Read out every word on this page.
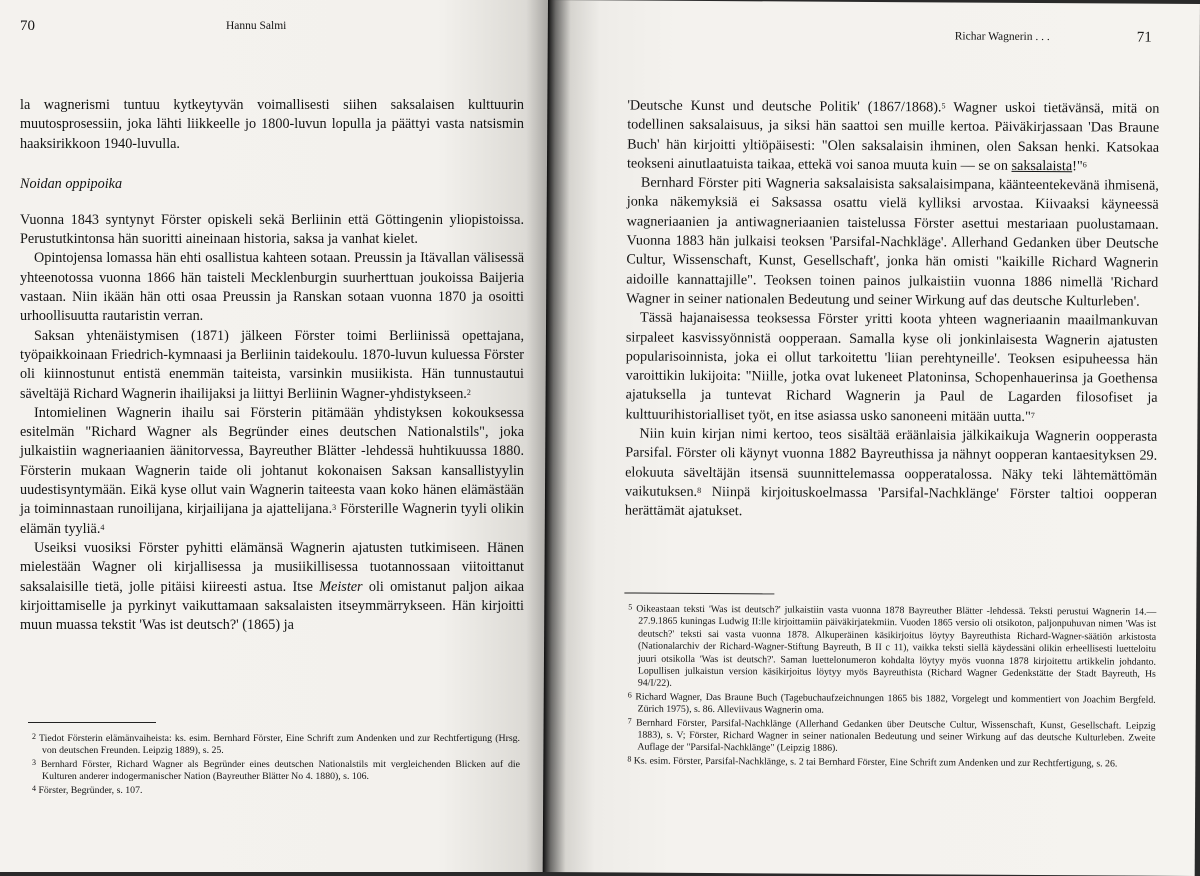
70	Hannu Salmi

la wagnerismi tuntuu kytkeytyvän voimallisesti siihen saksalaisen kulttuurin muutosprosessiin, joka lähti liikkeelle jo 1800-luvun lopulla ja päättyi vasta natsismin haaksirikkoon 1940-luvulla.

Noidan oppipoika

Vuonna 1843 syntynyt Förster opiskeli sekä Berliinin että Göttingenin yliopistoissa. Perustutkintonsa hän suoritti aineinaan historia, saksa ja vanhat kielet.

Opintojensa lomassa hän ehti osallistua kahteen sotaan. Preussin ja Itävallan välisessä yhteenotossa vuonna 1866 hän taisteli Mecklenburgin suurherttuan joukoissa Baijeria vastaan. Niin ikään hän otti osaa Preussin ja Ranskan sotaan vuonna 1870 ja osoitti urhoollisuutta rautaristin verran.

Saksan yhtenäistymisen (1871) jälkeen Förster toimi Berliinissä opettajana, työpaikkoinaan Friedrich-kymnaasi ja Berliinin taidekoulu. 1870-luvun kuluessa Förster oli kiinnostunut entistä enemmän taiteista, varsinkin musiikista. Hän tunnustautui säveltäjä Richard Wagnerin ihailijaksi ja liittyi Berliinin Wagner-yhdistykseen.$^2$

Intomielinen Wagnerin ihailu sai Försterin pitämään yhdistyksen kokouksessa esitelmän "Richard Wagner als Begründer eines deutschen Nationalstils", joka julkaistiin wagneriaanien äänitorvessa, Bayreuther Blätter -lehdessä huhtikuussa 1880. Försterin mukaan Wagnerin taide oli johtanut kokonaisen Saksan kansallistyylin uudestisyntymään. Eikä kyse ollut vain Wagnerin taiteesta vaan koko hänen elämästään ja toiminnastaan runoilijana, kirjailijana ja ajattelijana.$^3$ Försterille Wagnerin tyyli olikin elämän tyyliä.$^4$

Useiksi vuosiksi Förster pyhitti elämänsä Wagnerin ajatusten tutkimiseen. Hänen mielestään Wagner oli kirjallisessa ja musiikillisessa tuotannossaan viitoittanut saksalaisille tietä, jolle pitäisi kiireesti astua. Itse Meister oli omistanut paljon aikaa kirjoittamiselle ja pyrkinyt vaikuttamaan saksalaisten itseymmärrykseen. Hän kirjoitti muun muassa tekstit 'Was ist deutsch?' (1865) ja

$^2$ Tiedot Försterin elämänvaiheista: ks. esim. Bernhard Förster, Eine Schrift zum Andenken und zur Rechtfertigung (Hrsg. von deutschen Freunden. Leipzig 1889), s. 25.

$^3$ Bernhard Förster, Richard Wagner als Begründer eines deutschen Nationalstils mit vergleichenden Blicken auf die Kulturen anderer indogermanischer Nation (Bayreuther Blätter No 4. 1880), s. 106.

$^4$ Förster, Begründer, s. 107.

Richar Wagnerin . . .	71

'Deutsche Kunst und deutsche Politik' (1867/1868).$^5$ Wagner uskoi tietävänsä, mitä on todellinen saksalaisuus, ja siksi hän saattoi sen muille kertoa. Päiväkirjassaan 'Das Braune Buch' hän kirjoitti yltiöpäisesti: "Olen saksalaisin ihminen, olen Saksan henki. Katsokaa teokseni ainutlaatuista taikaa, ettekä voi sanoa muuta kuin — se on saksalaista!"$^6$

Bernhard Förster piti Wagneria saksalaisista saksalaisimpana, käänteentekevänä ihmisenä, jonka näkemyksiä ei Saksassa osattu vielä kylliksi arvostaa. Kiivaaksi käyneessä wagneriaanien ja antiwagneriaanien taistelussa Förster asettui mestariaan puolustamaan. Vuonna 1883 hän julkaisi teoksen 'Parsifal-Nachkläge'. Allerhand Gedanken über Deutsche Cultur, Wissenschaft, Kunst, Gesellschaft', jonka hän omisti "kaikille Richard Wagnerin aidoille kannattajille". Teoksen toinen painos julkaistiin vuonna 1886 nimellä 'Richard Wagner in seiner nationalen Bedeutung und seiner Wirkung auf das deutsche Kulturleben'.

Tässä hajanaisessa teoksessa Förster yritti koota yhteen wagneriaanin maailmankuvan sirpaleet kasvissyönnistä oopperaan. Samalla kyse oli jonkinlaisesta Wagnerin ajatusten popularisoinnista, joka ei ollut tarkoitettu 'liian perehtyneille'. Teoksen esipuheessa hän varoittikin lukijoita: "Niille, jotka ovat lukeneet Platoninsa, Schopenhauerinsa ja Goethensa ajatuksella ja tuntevat Richard Wagnerin ja Paul de Lagarden filosofiset ja kulttuurihistorialliset työt, en itse asiassa usko sanoneeni mitään uutta."$^7$

Niin kuin kirjan nimi kertoo, teos sisältää eräänlaisia jälkikaikuja Wagnerin oopperasta Parsifal. Förster oli käynyt vuonna 1882 Bayreuthissa ja nähnyt oopperan kantaesityksen 29. elokuuta säveltäjän itsensä suunnittelemassa oopperatalossa. Näky teki lähtemättömän vaikutuksen.$^8$ Niinpä kirjoituskoelmassa 'Parsifal-Nachklänge' Förster taltioi oopperan herättämät ajatukset.

$^5$ Oikeastaan teksti 'Was ist deutsch?' julkaistiin vasta vuonna 1878 Bayreuther Blätter -lehdessä. Teksti perustui Wagnerin 14.—27.9.1865 kuningas Ludwig II:lle kirjoittamiin päiväkirjatekmiin. Vuoden 1865 versio oli otsikoton, paljonpuhuvan nimen 'Was ist deutsch?' teksti sai vasta vuonna 1878. Alkuperäinen käsikirjoitus löytyy Bayreuthista Richard-Wagner-säätiön arkistosta (Nationalarchiv der Richard-Wagner-Stiftung Bayreuth, B II c 11), vaikka teksti siellä käydessäni olikin erheellisesti luetteloitu juuri otsikolla 'Was ist deutsch?'. Saman luettelonumeron kohdalta löytyy myös vuonna 1878 kirjoitettu artikkelin johdanto. Lopullisen julkaistun version käsikirjoitus löytyy myös Bayreuthista (Richard Wagner Gedenkstätte der Stadt Bayreuth, Hs 94/I/22).

$^6$ Richard Wagner, Das Braune Buch (Tagebuchaufzeichnungen 1865 bis 1882, Vorgelegt und kommentiert von Joachim Bergfeld. Zürich 1975), s. 86. Alleviivaus Wagnerin oma.

$^7$ Bernhard Förster, Parsifal-Nachklänge (Allerhand Gedanken über Deutsche Cultur, Wissenschaft, Kunst, Gesellschaft. Leipzig 1883), s. V; Förster, Richard Wagner in seiner nationalen Bedeutung und seiner Wirkung auf das deutsche Kulturleben. Zweite Auflage der "Parsifal-Nachklänge" (Leipzig 1886).

$^8$ Ks. esim. Förster, Parsifal-Nachklänge, s. 2 tai Bernhard Förster, Eine Schrift zum Andenken und zur Rechtfertigung, s. 26.
